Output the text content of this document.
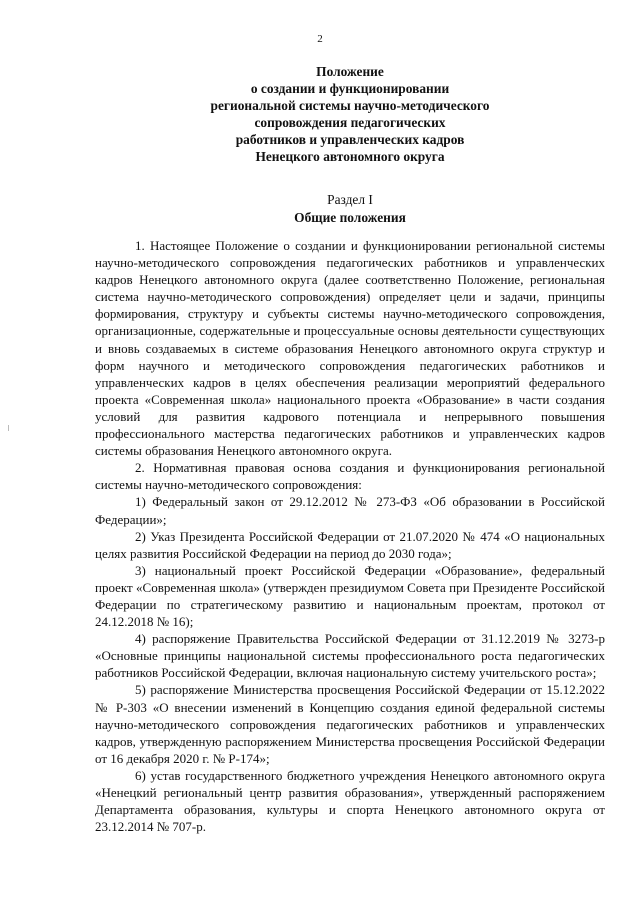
2
Положение
о создании и функционировании
региональной системы научно-методического
сопровождения педагогических
работников и управленческих кадров
Ненецкого автономного округа
Раздел I
Общие положения

1. Настоящее Положение о создании и функционировании региональной системы научно-методического сопровождения педагогических работников и управленческих кадров Ненецкого автономного округа (далее соответственно Положение, региональная система научно-методического сопровождения) определяет цели и задачи, принципы формирования, структуру и субъекты системы научно-методического сопровождения, организационные, содержательные и процессуальные основы деятельности существующих и вновь создаваемых в системе образования Ненецкого автономного округа структур и форм научного и методического сопровождения педагогических работников и управленческих кадров в целях обеспечения реализации мероприятий федерального проекта «Современная школа» национального проекта «Образование» в части создания условий для развития кадрового потенциала и непрерывного повышения профессионального мастерства педагогических работников и управленческих кадров системы образования Ненецкого автономного округа.

2. Нормативная правовая основа создания и функционирования региональной системы научно-методического сопровождения:

1) Федеральный закон от 29.12.2012 № 273-ФЗ «Об образовании в Российской Федерации»;

2) Указ Президента Российской Федерации от 21.07.2020 № 474 «О национальных целях развития Российской Федерации на период до 2030 года»;

3) национальный проект Российской Федерации «Образование», федеральный проект «Современная школа» (утвержден президиумом Совета при Президенте Российской Федерации по стратегическому развитию и национальным проектам, протокол от 24.12.2018 № 16);

4) распоряжение Правительства Российской Федерации от 31.12.2019 № 3273-р «Основные принципы национальной системы профессионального роста педагогических работников Российской Федерации, включая национальную систему учительского роста»;

5) распоряжение Министерства просвещения Российской Федерации от 15.12.2022 № Р-303 «О внесении изменений в Концепцию создания единой федеральной системы научно-методического сопровождения педагогических работников и управленческих кадров, утвержденную распоряжением Министерства просвещения Российской Федерации от 16 декабря 2020 г. № Р-174»;

6) устав государственного бюджетного учреждения Ненецкого автономного округа «Ненецкий региональный центр развития образования», утвержденный распоряжением Департамента образования, культуры и спорта Ненецкого автономного округа от 23.12.2014 № 707-р.
